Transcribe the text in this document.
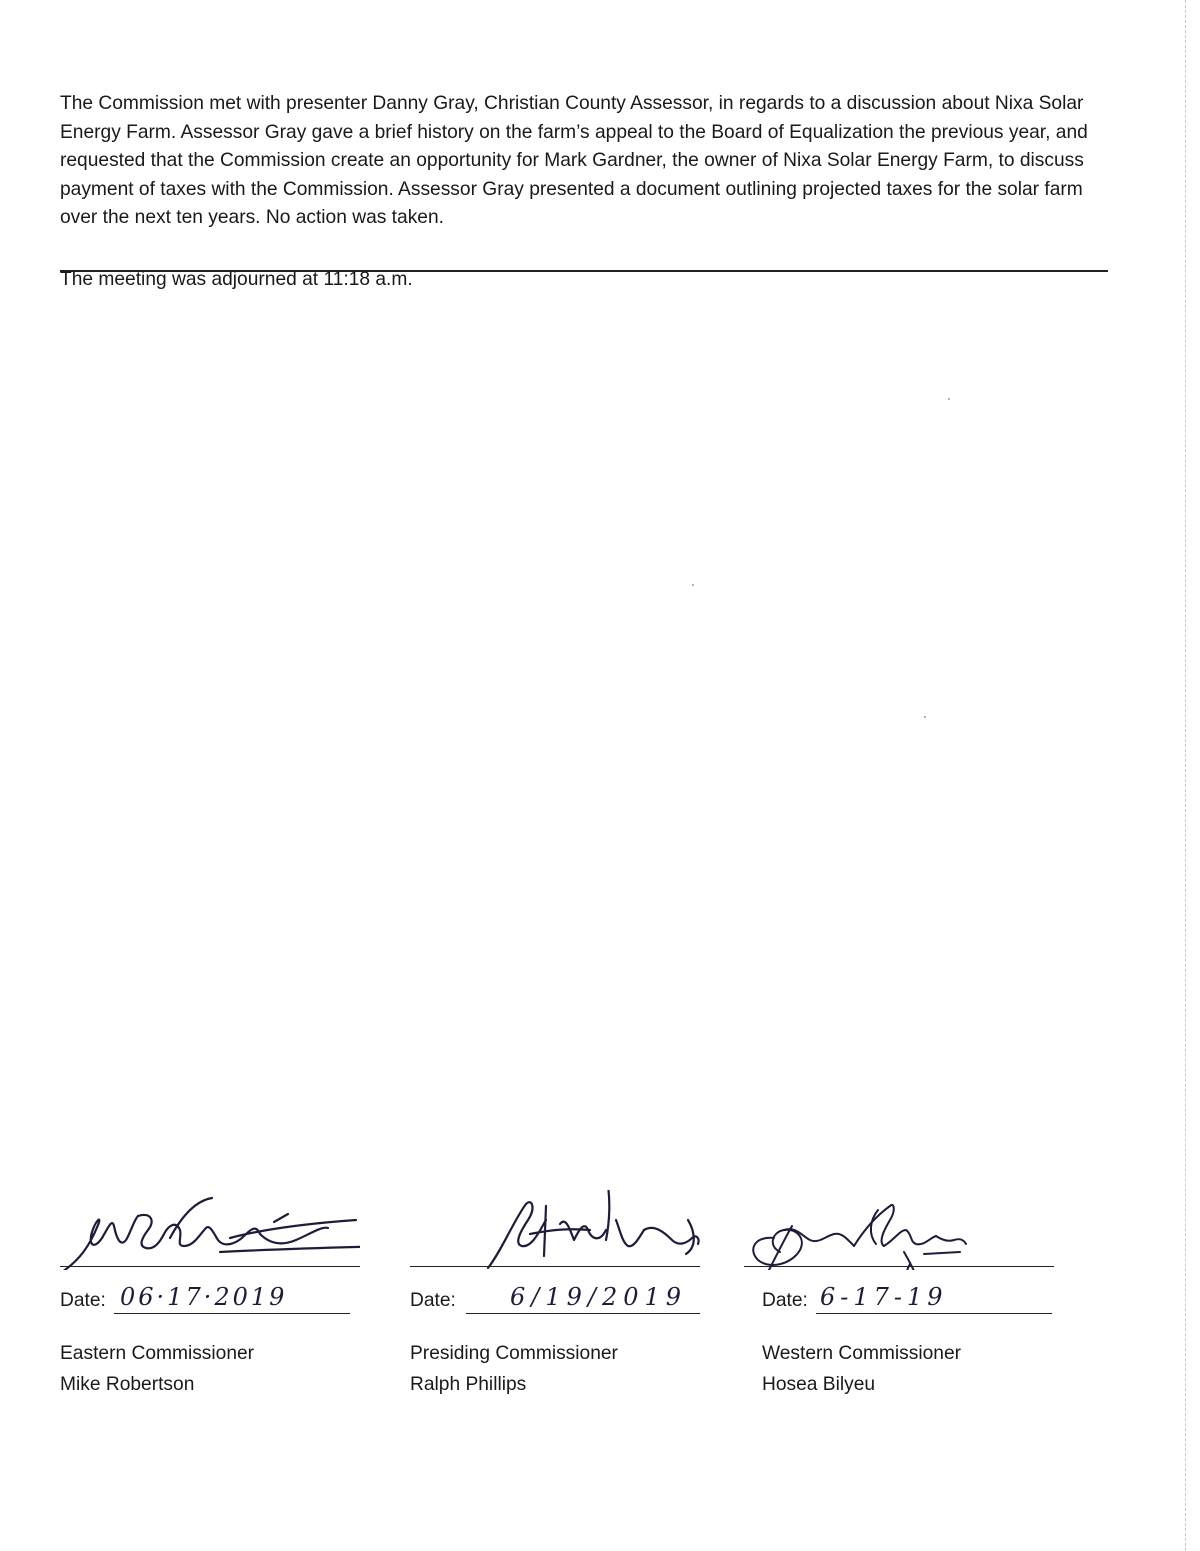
The Commission met with presenter Danny Gray, Christian County Assessor, in regards to a discussion about Nixa Solar Energy Farm. Assessor Gray gave a brief history on the farm’s appeal to the Board of Equalization the previous year, and requested that the Commission create an opportunity for Mark Gardner, the owner of Nixa Solar Energy Farm, to discuss payment of taxes with the Commission. Assessor Gray presented a document outlining projected taxes for the solar farm over the next ten years. No action was taken.

The meeting was adjourned at 11:18 a.m.

Date: 06·17·2019
Eastern Commissioner
Mike Robertson
Date: 6/19/2019
Presiding Commissioner
Ralph Phillips
Date: 6-17-19
Western Commissioner
Hosea Bilyeu
